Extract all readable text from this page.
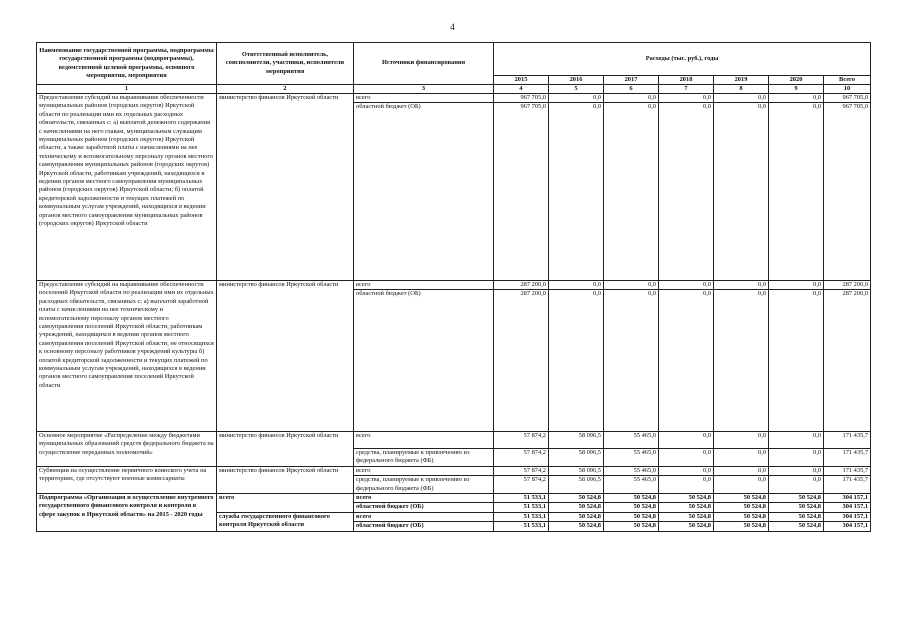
4
Наименование государственной программы, подпрограммы государственной программы (подпрограммы), ведомственной целевой программы, основного мероприятия, мероприятия	Ответственный исполнитель, соисполнители, участники, исполнители мероприятия	Источники финансирования	Расходы (тыс. руб.), годы						
			2015	2016	2017	2018	2019	2020	Всего
1	2	3	4	5	6	7	8	9	10
Предоставление субсидий на выравнивание обеспеченности муниципальных районов (городских округов) Иркутской области по реализации ими их отдельных расходных обязательств, связанных с: а) выплатой денежного содержания с начислениями на него главам, муниципальным служащим муниципальных районов (городских округов) Иркутской области, а также заработной платы с начислениями на нее техническому и вспомогательному персоналу органов местного самоуправления муниципальных районов (городских округов) Иркутской области, работникам учреждений, находящихся в ведении органов местного самоуправления муниципальных районов (городских округов) Иркутской области; б) оплатой кредиторской задолженности и текущих платежей по коммунальным услугам учреждений, находящихся в ведении органов местного самоуправления муниципальных районов (городских округов) Иркутской области	министерство финансов Иркутской области	всего	967 705,0	0,0	0,0	0,0	0,0	0,0	967 705,0
		областной бюджет (ОБ)	967 705,0	0,0	0,0	0,0	0,0	0,0	967 705,0
Предоставление субсидий на выравнивание обеспеченности поселений Иркутской области по реализации ими их отдельных расходных обязательств, связанных с: а) выплатой заработной платы с начислениями на нее техническому и вспомогательному персоналу органов местного самоуправления поселений Иркутской области, работникам учреждений, находящихся в ведении органов местного самоуправления поселений Иркутской области, не относящихся к основному персоналу работников учреждений культуры б) оплатой кредиторской задолженности и текущих платежей по коммунальным услугам учреждений, находящихся в ведении органов местного самоуправления поселений Иркутской области	министерство финансов Иркутской области	всего	287 200,0	0,0	0,0	0,0	0,0	0,0	287 200,0
		областной бюджет (ОБ)	287 200,0	0,0	0,0	0,0	0,0	0,0	287 200,0
Основное мероприятие «Распределение между бюджетами муниципальных образований средств федерального бюджета на осуществление переданных полномочий»	министерство финансов Иркутской области	всего	57 874,2	58 096,5	55 465,0	0,0	0,0	0,0	171 435,7
		средства, планируемые к привлечению из федерального бюджета (ФБ)	57 874,2	58 096,5	55 465,0	0,0	0,0	0,0	171 435,7
Субвенции на осуществление первичного воинского учета на территориях, где отсутствуют военные комиссариаты	министерство финансов Иркутской области	всего	57 874,2	58 096,5	55 465,0	0,0	0,0	0,0	171 435,7
		средства, планируемые к привлечению из федерального бюджета (ФБ)	57 874,2	58 096,5	55 465,0	0,0	0,0	0,0	171 435,7
Подпрограмма «Организация и осуществление внутреннего государственного финансового контроля и контроля в сфере закупок в Иркутской области» на 2015 - 2020 годы	всего	всего	51 533,1	50 524,8	50 524,8	50 524,8	50 524,8	50 524,8	304 157,1
		областной бюджет (ОБ)	51 533,1	50 524,8	50 524,8	50 524,8	50 524,8	50 524,8	304 157,1
	служба государственного финансового контроля Иркутской области	всего	51 533,1	50 524,8	50 524,8	50 524,8	50 524,8	50 524,8	304 157,1
		областной бюджет (ОБ)	51 533,1	50 524,8	50 524,8	50 524,8	50 524,8	50 524,8	304 157,1
